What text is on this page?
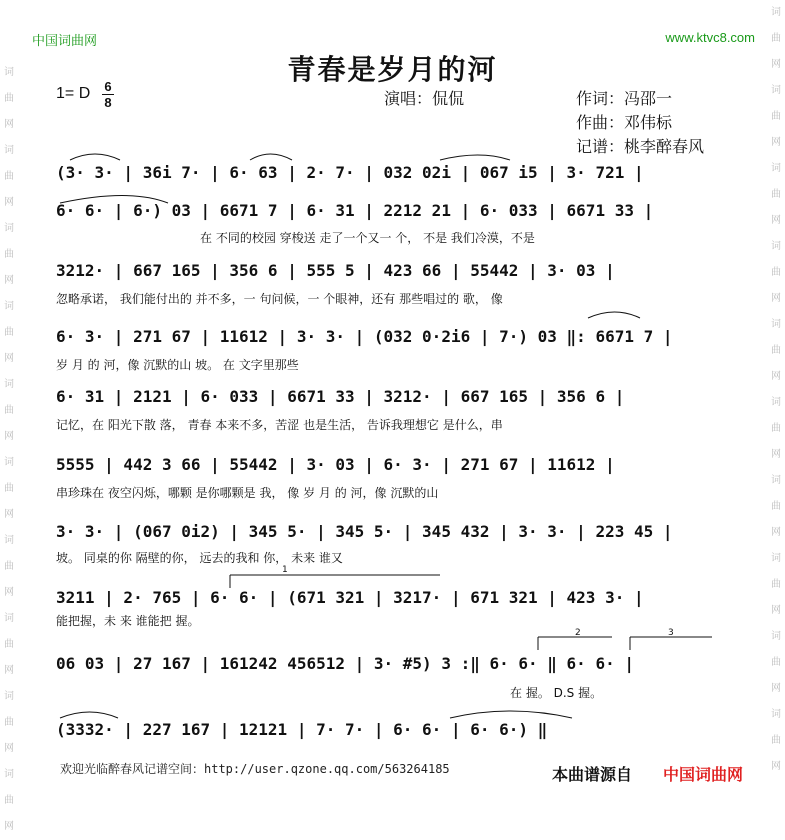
词 曲 网 词 曲 网 词 曲 网 词 曲 网 词 曲 网 词 曲 网 词 曲 网 词 曲 网 词 曲 网 词 曲 网
词 曲 网 词 曲 网 词 曲 网 词 曲 网 词 曲 网 词 曲 网 词 曲 网 词 曲 网 词 曲 网 词 曲 网
中国词曲网	www.ktvc8.com
青春是岁月的河
1= D 6
8	演唱：侃侃	作词：冯邵一
作曲：邓伟标
记谱：桃李醉春风
(3· 3· | 36i 7· | 6· 63 | 2· 7· | 032 02i | 067 i5 | 3· 721 |
6· 6· | 6·) 03 | 6671 7 | 6· 31 | 2212 21 | 6· 033 | 6671 33 |
在 不同的校园 穿梭送 走了一个又一 个， 不是 我们冷漠，不是
3212· | 667 165 | 356 6 | 555 5 | 423 66 | 55442 | 3· 03 |
忽略承诺， 我们能付出的 并不多，一 句问候，一 个眼神，还有 那些唱过的 歌， 像
6· 3· | 271 67 | 11612 | 3· 3· | (032 0·2i6 | 7·) 03 ‖: 6671 7 |
岁 月 的 河，像 沉默的山 坡。 在 文字里那些
6· 31 | 2121 | 6· 033 | 6671 33 | 3212· | 667 165 | 356 6 |
记忆，在 阳光下散 落， 青春 本来不多，苦涩 也是生活， 告诉我理想它 是什么，串
5555 | 442 3 66 | 55442 | 3· 03 | 6· 3· | 271 67 | 11612 |
串珍珠在 夜空闪烁，哪颗 是你哪颗是 我， 像 岁 月 的 河，像 沉默的山
3· 3· | (067 0i2) | 345 5· | 345 5· | 345 432 | 3· 3· | 223 45 |
坡。 同桌的你 隔壁的你， 远去的我和 你， 未来 谁又
3211 | 2· 765 | 6· 6· | (671 321 | 3217· | 671 321 | 423 3· |
能把握，未 来 谁能把 握。
06 03 | 27 167 | 161242 456512 | 3· #5) 3 :‖ 6· 6· ‖ 6· 6· |
在 握。 D.S 握。
(3332· | 227 167 | 12121 | 7· 7· | 6· 6· | 6· 6·) ‖
1
2	3
欢迎光临醉春风记谱空间：http://user.qzone.qq.com/563264185	本曲谱源自 中国词曲网
